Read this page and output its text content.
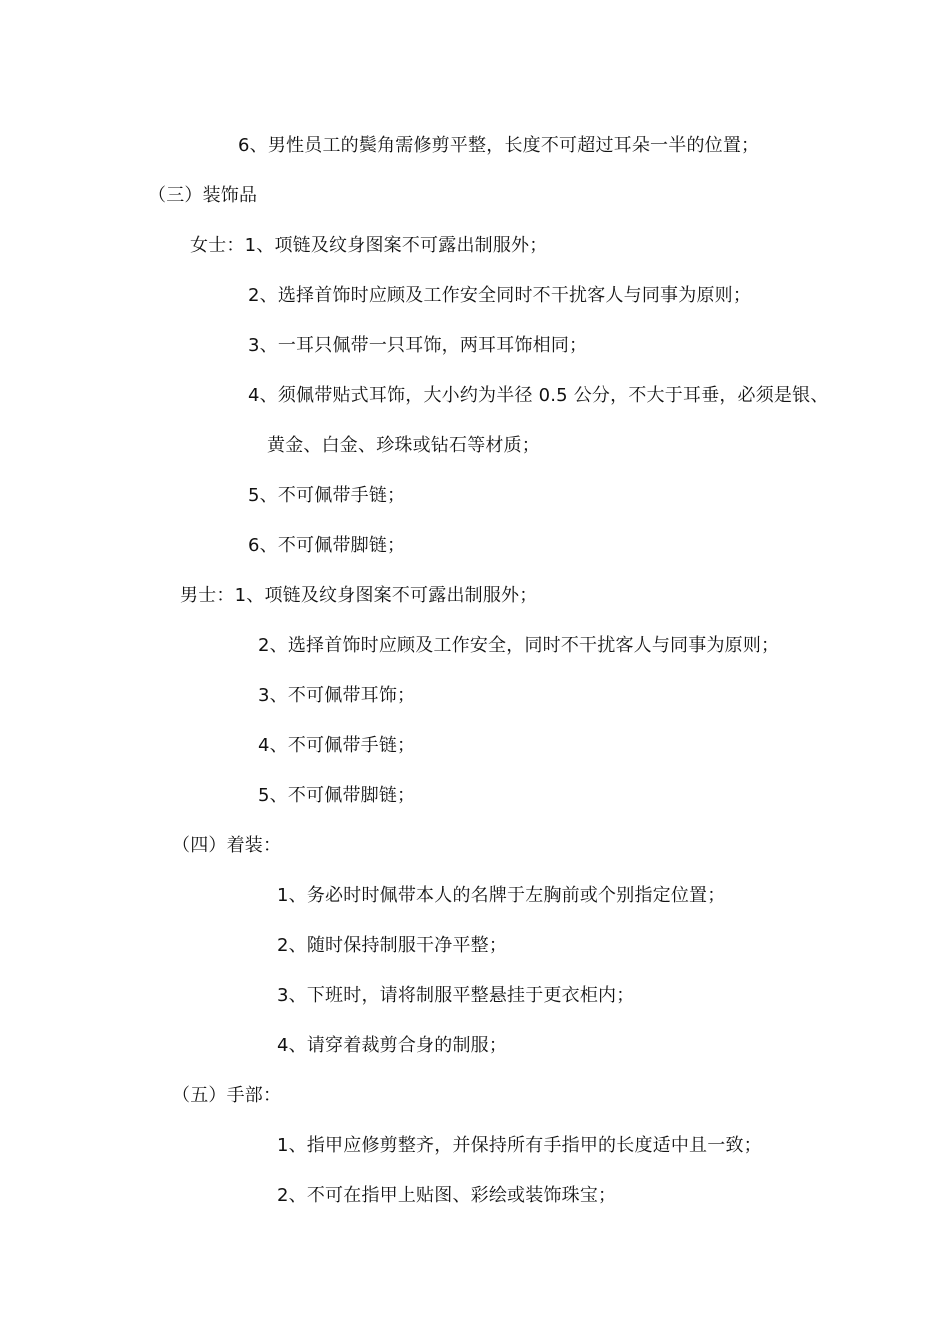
6、男性员工的鬓角需修剪平整，长度不可超过耳朵一半的位置；
（三）装饰品
女士：1、项链及纹身图案不可露出制服外；
2、选择首饰时应顾及工作安全同时不干扰客人与同事为原则；
3、一耳只佩带一只耳饰，两耳耳饰相同；
4、须佩带贴式耳饰，大小约为半径 0.5 公分，不大于耳垂，必须是银、
黄金、白金、珍珠或钻石等材质；
5、不可佩带手链；
6、不可佩带脚链；
男士：1、项链及纹身图案不可露出制服外；
2、选择首饰时应顾及工作安全，同时不干扰客人与同事为原则；
3、不可佩带耳饰；
4、不可佩带手链；
5、不可佩带脚链；
（四）着装：
1、务必时时佩带本人的名牌于左胸前或个别指定位置；
2、随时保持制服干净平整；
3、下班时，请将制服平整悬挂于更衣柜内；
4、请穿着裁剪合身的制服；
（五）手部：
1、指甲应修剪整齐，并保持所有手指甲的长度适中且一致；
2、不可在指甲上贴图、彩绘或装饰珠宝；
